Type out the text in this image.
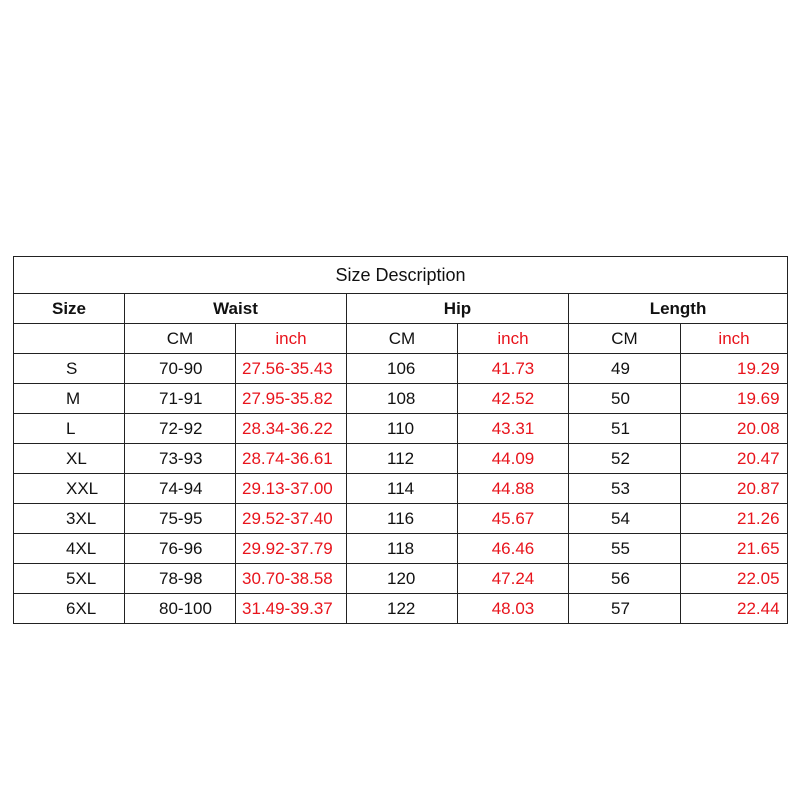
Size Description						
Size	Waist		Hip		Length	
	CM	inch	CM	inch	CM	inch
S	70-90	27.56-35.43	106	41.73	49	19.29
M	71-91	27.95-35.82	108	42.52	50	19.69
L	72-92	28.34-36.22	110	43.31	51	20.08
XL	73-93	28.74-36.61	112	44.09	52	20.47
XXL	74-94	29.13-37.00	114	44.88	53	20.87
3XL	75-95	29.52-37.40	116	45.67	54	21.26
4XL	76-96	29.92-37.79	118	46.46	55	21.65
5XL	78-98	30.70-38.58	120	47.24	56	22.05
6XL	80-100	31.49-39.37	122	48.03	57	22.44
